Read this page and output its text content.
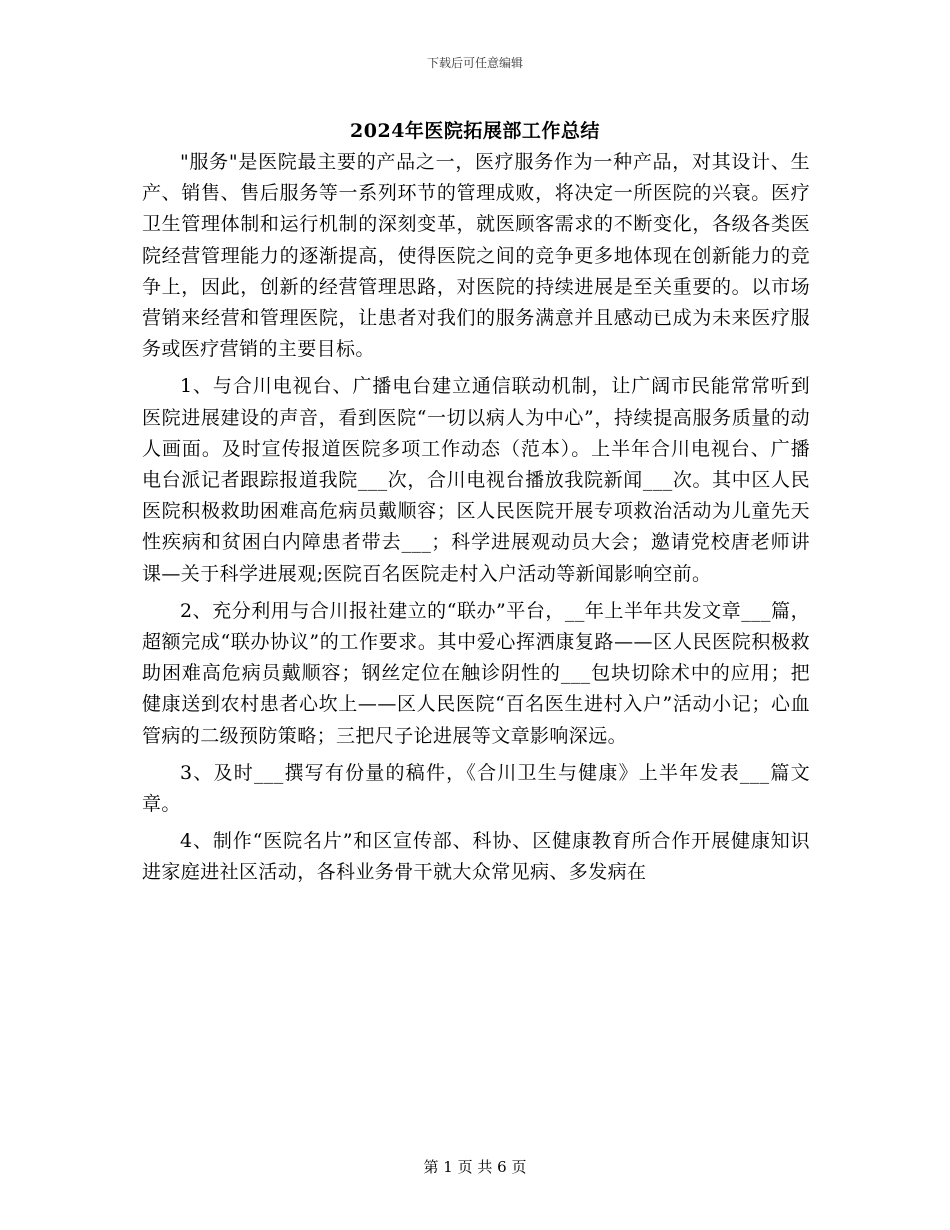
下载后可任意编辑
2024年医院拓展部工作总结

"服务"是医院最主要的产品之一，医疗服务作为一种产品，对其设计、生产、销售、售后服务等一系列环节的管理成败，将决定一所医院的兴衰。医疗卫生管理体制和运行机制的深刻变革，就医顾客需求的不断变化，各级各类医院经营管理能力的逐渐提高，使得医院之间的竞争更多地体现在创新能力的竞争上，因此，创新的经营管理思路，对医院的持续进展是至关重要的。以市场营销来经营和管理医院，让患者对我们的服务满意并且感动已成为未来医疗服务或医疗营销的主要目标。

1、与合川电视台、广播电台建立通信联动机制，让广阔市民能常常听到医院进展建设的声音，看到医院“一切以病人为中心”，持续提高服务质量的动人画面。及时宣传报道医院多项工作动态（范本）。上半年合川电视台、广播电台派记者跟踪报道我院___次，合川电视台播放我院新闻___次。其中区人民医院积极救助困难高危病员戴顺容；区人民医院开展专项救治活动为儿童先天性疾病和贫困白内障患者带去___；科学进展观动员大会；邀请党校唐老师讲课—关于科学进展观;医院百名医院走村入户活动等新闻影响空前。

2、充分利用与合川报社建立的“联办”平台，__年上半年共发文章___篇，超额完成“联办协议”的工作要求。其中爱心挥洒康复路——区人民医院积极救助困难高危病员戴顺容；钢丝定位在触诊阴性的___包块切除术中的应用；把健康送到农村患者心坎上——区人民医院“百名医生进村入户”活动小记；心血管病的二级预防策略；三把尺子论进展等文章影响深远。

3、及时___撰写有份量的稿件，《合川卫生与健康》上半年发表___篇文章。

4、制作“医院名片”和区宣传部、科协、区健康教育所合作开展健康知识进家庭进社区活动，各科业务骨干就大众常见病、多发病在

第 1 页 共 6 页
